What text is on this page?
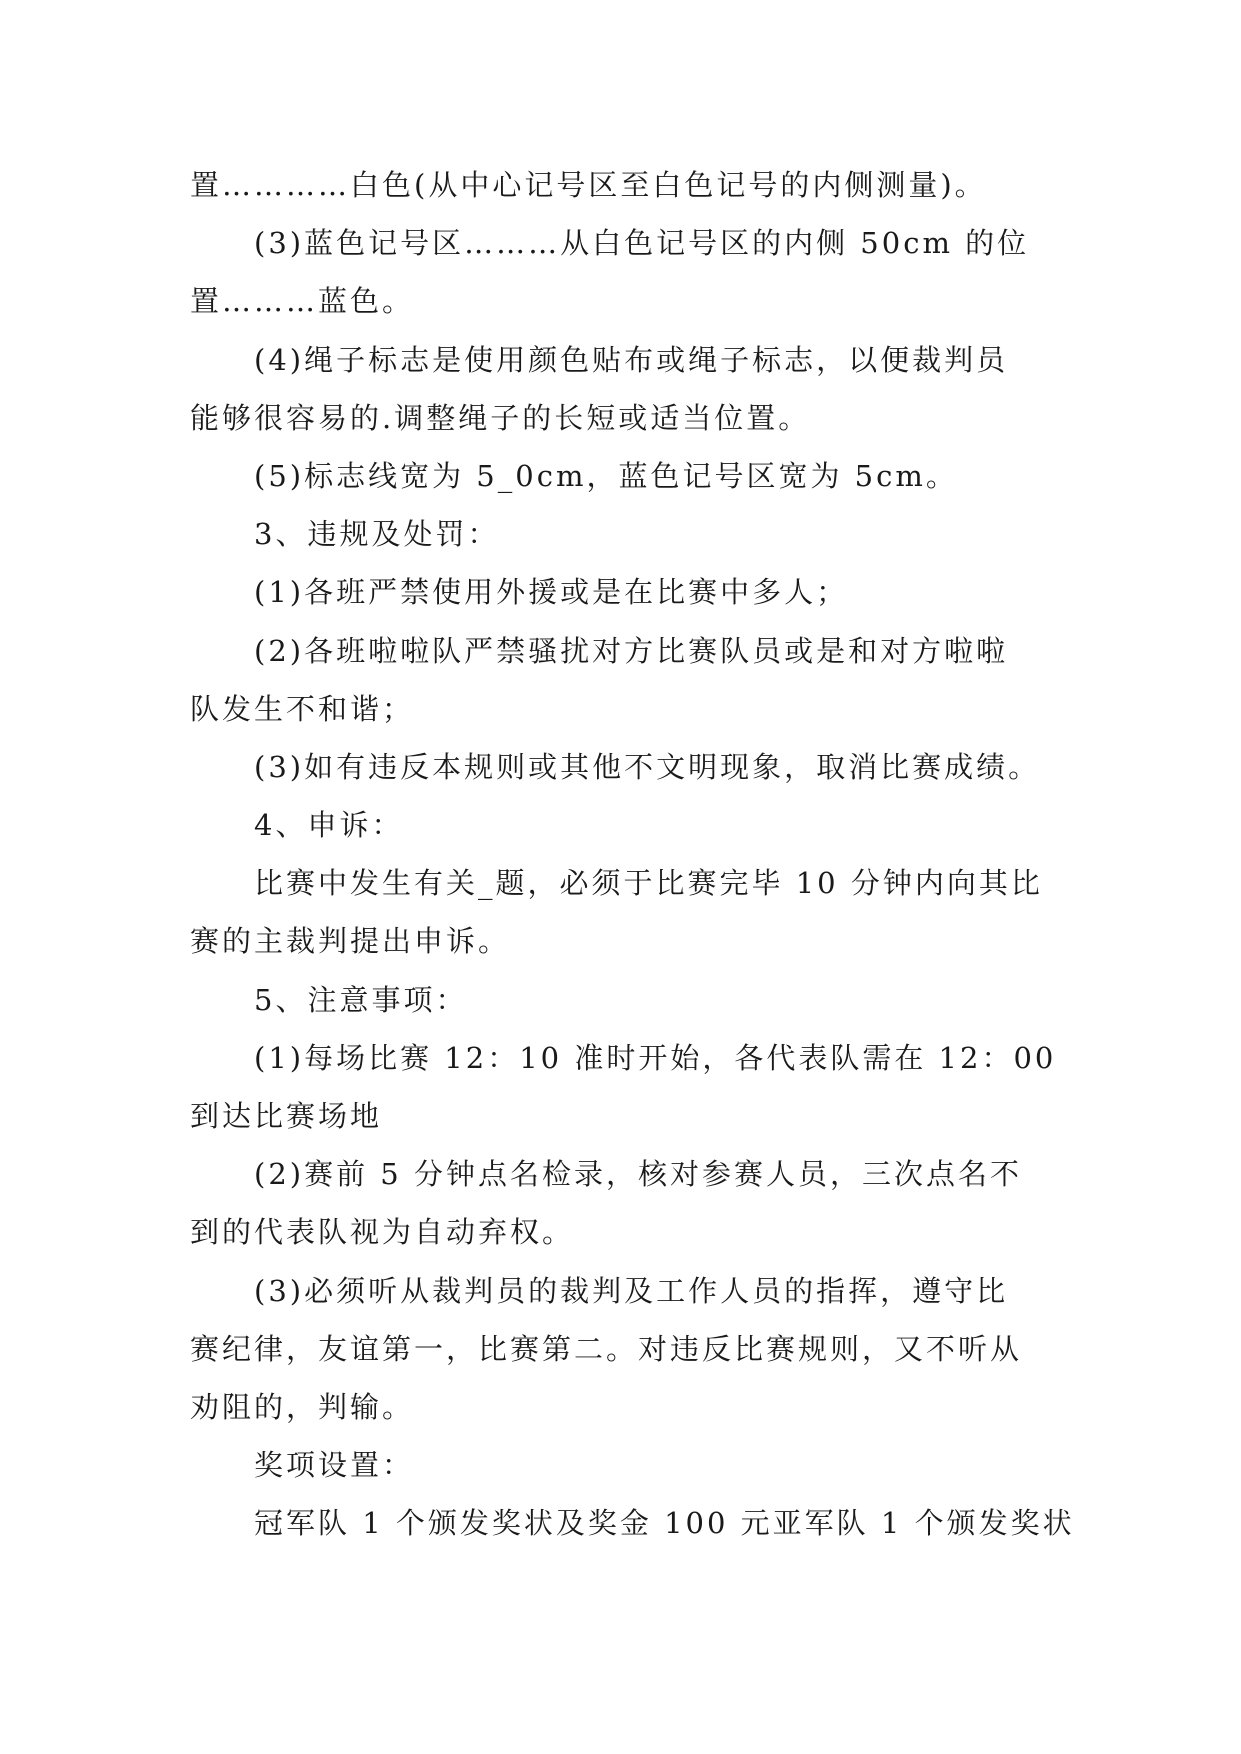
置…………白色(从中心记号区至白色记号的内侧测量)。
(3)蓝色记号区………从白色记号区的内侧 50cm 的位
置………蓝色。
(4)绳子标志是使用颜色贴布或绳子标志，以便裁判员
能够很容易的.调整绳子的长短或适当位置。
(5)标志线宽为 5_0cm，蓝色记号区宽为 5cm。
3、违规及处罚：
(1)各班严禁使用外援或是在比赛中多人；
(2)各班啦啦队严禁骚扰对方比赛队员或是和对方啦啦
队发生不和谐；
(3)如有违反本规则或其他不文明现象，取消比赛成绩。
4、申诉：
比赛中发生有关_题，必须于比赛完毕 10 分钟内向其比
赛的主裁判提出申诉。
5、注意事项：
(1)每场比赛 12：10 准时开始，各代表队需在 12：00
到达比赛场地
(2)赛前 5 分钟点名检录，核对参赛人员，三次点名不
到的代表队视为自动弃权。
(3)必须听从裁判员的裁判及工作人员的指挥，遵守比
赛纪律，友谊第一，比赛第二。对违反比赛规则，又不听从
劝阻的，判输。
奖项设置：
冠军队 1 个颁发奖状及奖金 100 元亚军队 1 个颁发奖状
